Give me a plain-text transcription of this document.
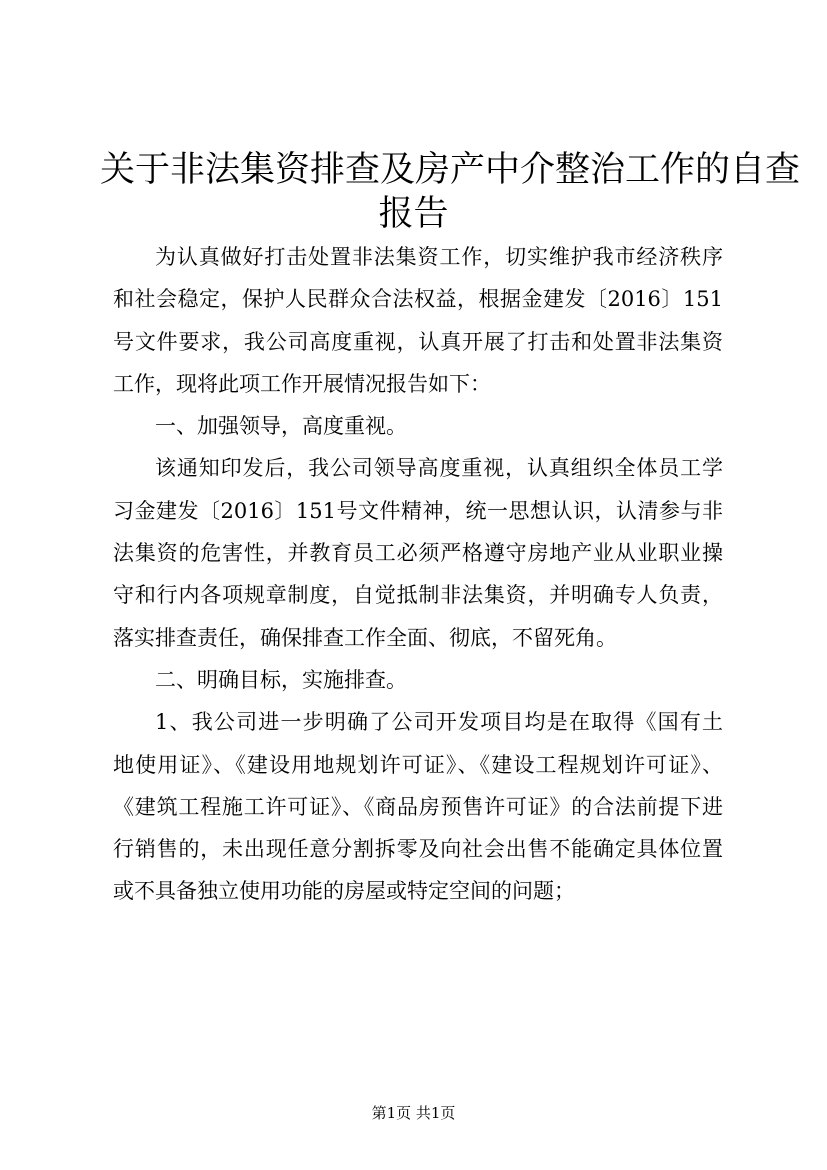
关于非法集资排查及房产中介整治工作的自查
报告
为认真做好打击处置非法集资工作，切实维护我市经济秩序
和社会稳定，保护人民群众合法权益，根据金建发〔2016〕151
号文件要求，我公司高度重视，认真开展了打击和处置非法集资
工作，现将此项工作开展情况报告如下：
一、加强领导，高度重视。
该通知印发后，我公司领导高度重视，认真组织全体员工学
习金建发〔2016〕151号文件精神，统一思想认识，认清参与非
法集资的危害性，并教育员工必须严格遵守房地产业从业职业操
守和行内各项规章制度，自觉抵制非法集资，并明确专人负责，
落实排查责任，确保排查工作全面、彻底，不留死角。
二、明确目标，实施排查。
1、我公司进一步明确了公司开发项目均是在取得《国有土
地使用证》、《建设用地规划许可证》、《建设工程规划许可证》、
《建筑工程施工许可证》、《商品房预售许可证》的合法前提下进
行销售的，未出现任意分割拆零及向社会出售不能确定具体位置
或不具备独立使用功能的房屋或特定空间的问题；
第1页 共1页
